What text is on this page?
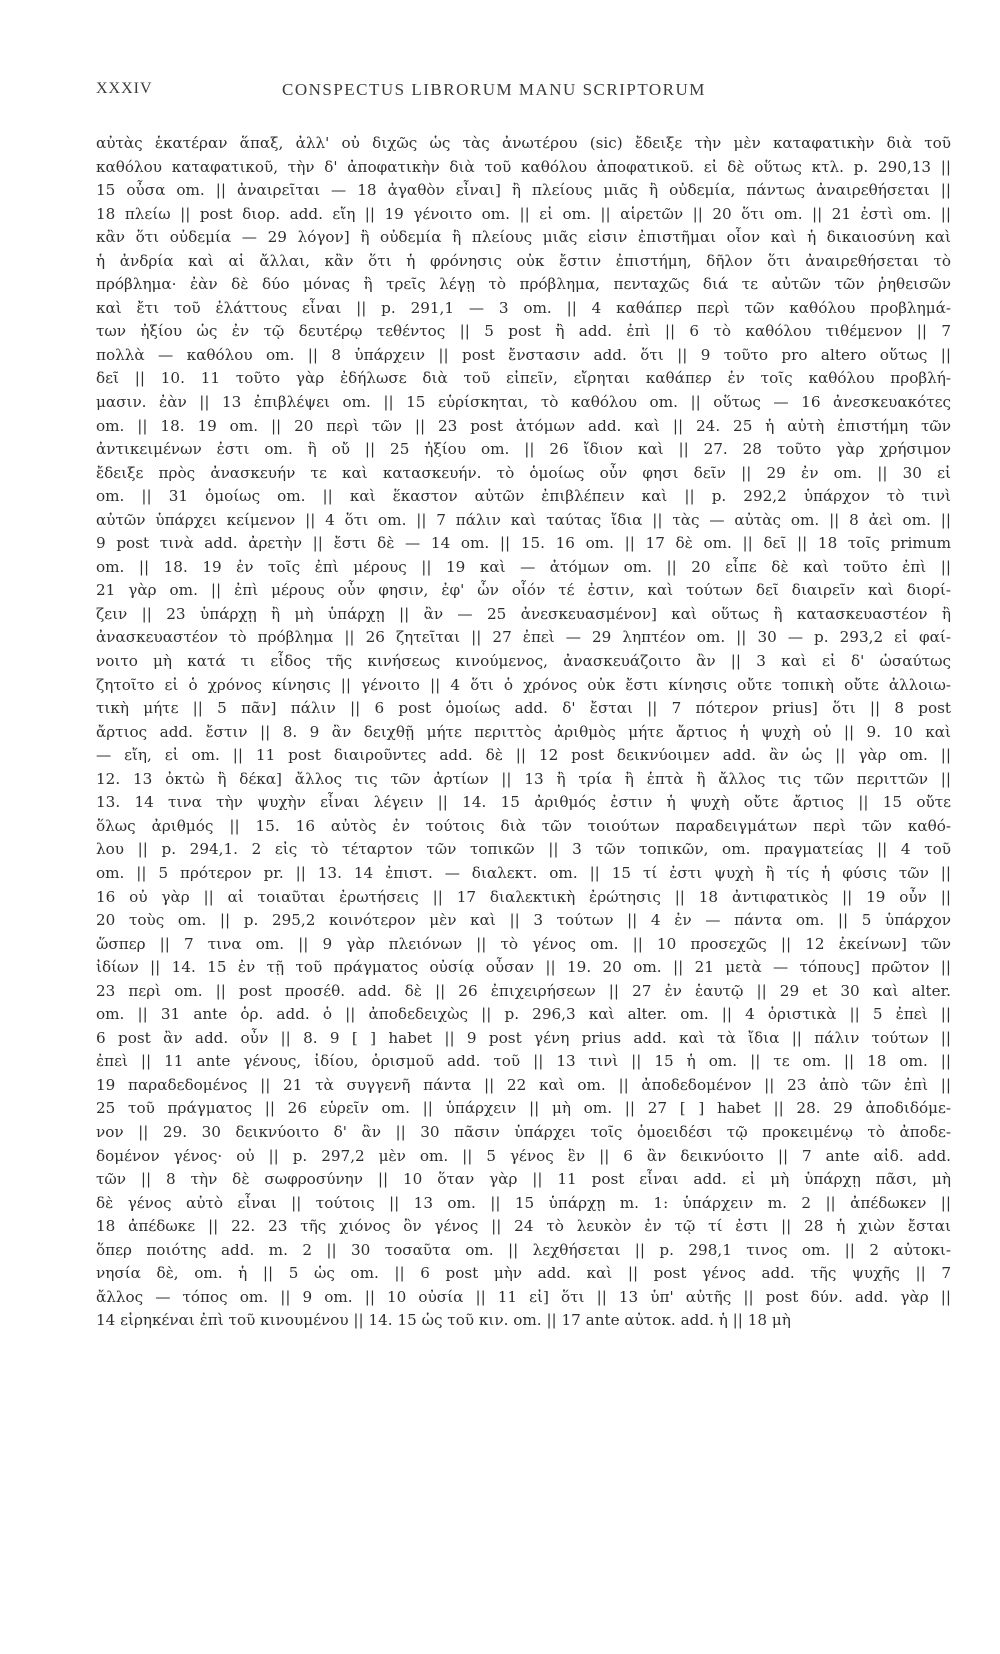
XXXIV	CONSPECTUS LIBRORUM MANU SCRIPTORUM
αὐτὰς ἑκατέραν ἅπαξ, ἀλλ' οὐ διχῶς ὡς τὰς ἀνωτέρου (sic) ἔδειξε τὴν μὲν καταφατικὴν διὰ τοῦ
καθόλου καταφατικοῦ, τὴν δ' ἀποφατικὴν διὰ τοῦ καθόλου ἀποφατικοῦ. εἰ δὲ οὕτως κτλ. p. 290,13 ||
15 οὖσα om. || ἀναιρεῖται — 18 ἀγαθὸν εἶναι] ἢ πλείους μιᾶς ἢ οὐδεμία, πάντως ἀναιρεθήσεται ||
18 πλείω || post διορ. add. εἴη || 19 γένοιτο om. || εἰ om. || αἱρετῶν || 20 ὅτι om. || 21 ἐστὶ om. ||
κἂν ὅτι οὐδεμία — 29 λόγον] ἢ οὐδεμία ἢ πλείους μιᾶς εἰσιν ἐπιστῆμαι οἷον καὶ ἡ δικαιοσύνη καὶ
ἡ ἀνδρία καὶ αἱ ἄλλαι, κἂν ὅτι ἡ φρόνησις οὐκ ἔστιν ἐπιστήμη, δῆλον ὅτι ἀναιρεθήσεται τὸ
πρόβλημα· ἐὰν δὲ δύο μόνας ἢ τρεῖς λέγῃ τὸ πρόβλημα, πενταχῶς διά τε αὐτῶν τῶν ῥηθεισῶν
καὶ ἔτι τοῦ ἐλάττους εἶναι || p. 291,1 — 3 om. || 4 καθάπερ περὶ τῶν καθόλου προβλημά-
των ἠξίου ὡς ἐν τῷ δευτέρῳ τεθέντος || 5 post ἢ add. ἐπὶ || 6 τὸ καθόλου τιθέμενον || 7
πολλὰ — καθόλου om. || 8 ὑπάρχειν || post ἔνστασιν add. ὅτι || 9 τοῦτο pro altero οὕτως ||
δεῖ || 10. 11 τοῦτο γὰρ ἐδήλωσε διὰ τοῦ εἰπεῖν, εἴρηται καθάπερ ἐν τοῖς καθόλου προβλή-
μασιν. ἐὰν || 13 ἐπιβλέψει om. || 15 εὑρίσκηται, τὸ καθόλου om. || οὕτως — 16 ἀνεσκευακότες
om. || 18. 19 om. || 20 περὶ τῶν || 23 post ἀτόμων add. καὶ || 24. 25 ἡ αὐτὴ ἐπιστήμη τῶν
ἀντικειμένων ἐστι om. ἢ οὔ || 25 ἠξίου om. || 26 ἴδιον καὶ || 27. 28 τοῦτο γὰρ χρήσιμον
ἔδειξε πρὸς ἀνασκευήν τε καὶ κατασκευήν. τὸ ὁμοίως οὖν φησι δεῖν || 29 ἐν om. || 30 εἰ
om. || 31 ὁμοίως om. || καὶ ἕκαστον αὐτῶν ἐπιβλέπειν καὶ || p. 292,2 ὑπάρχον τὸ τινὶ
αὐτῶν ὑπάρχει κείμενον || 4 ὅτι om. || 7 πάλιν καὶ ταύτας ἴδια || τὰς — αὐτὰς om. || 8 ἀεὶ om. ||
9 post τινὰ add. ἀρετὴν || ἔστι δὲ — 14 om. || 15. 16 om. || 17 δὲ om. || δεῖ || 18 τοῖς primum
om. || 18. 19 ἐν τοῖς ἐπὶ μέρους || 19 καὶ — ἀτόμων om. || 20 εἶπε δὲ καὶ τοῦτο ἐπὶ ||
21 γὰρ om. || ἐπὶ μέρους οὖν φησιν, ἐφ' ὧν οἷόν τέ ἐστιν, καὶ τούτων δεῖ διαιρεῖν καὶ διορί-
ζειν || 23 ὑπάρχῃ ἢ μὴ ὑπάρχῃ || ἂν — 25 ἀνεσκευασμένον] καὶ οὕτως ἢ κατασκευαστέον ἢ
ἀνασκευαστέον τὸ πρόβλημα || 26 ζητεῖται || 27 ἐπεὶ — 29 ληπτέον om. || 30 — p. 293,2 εἰ φαί-
νοιτο μὴ κατά τι εἶδος τῆς κινήσεως κινούμενος, ἀνασκευάζοιτο ἂν || 3 καὶ εἰ δ' ὡσαύτως
ζητοῖτο εἰ ὁ χρόνος κίνησις || γένοιτο || 4 ὅτι ὁ χρόνος οὐκ ἔστι κίνησις οὔτε τοπικὴ οὔτε ἀλλοιω-
τικὴ μήτε || 5 πᾶν] πάλιν || 6 post ὁμοίως add. δ' ἔσται || 7 πότερον prius] ὅτι || 8 post
ἄρτιος add. ἔστιν || 8. 9 ἂν δειχθῇ μήτε περιττὸς ἀριθμὸς μήτε ἄρτιος ἡ ψυχὴ οὐ || 9. 10 καὶ
— εἴη, εἰ om. || 11 post διαιροῦντες add. δὲ || 12 post δεικνύοιμεν add. ἂν ὡς || γὰρ om. ||
12. 13 ὀκτὼ ἢ δέκα] ἄλλος τις τῶν ἀρτίων || 13 ἢ τρία ἢ ἑπτὰ ἢ ἄλλος τις τῶν περιττῶν ||
13. 14 τινα τὴν ψυχὴν εἶναι λέγειν || 14. 15 ἀριθμός ἐστιν ἡ ψυχὴ οὔτε ἄρτιος || 15 οὔτε
ὅλως ἀριθμός || 15. 16 αὐτὸς ἐν τούτοις διὰ τῶν τοιούτων παραδειγμάτων περὶ τῶν καθό-
λου || p. 294,1. 2 εἰς τὸ τέταρτον τῶν τοπικῶν || 3 τῶν τοπικῶν, om. πραγματείας || 4 τοῦ
om. || 5 πρότερον pr. || 13. 14 ἐπιστ. — διαλεκτ. om. || 15 τί ἐστι ψυχὴ ἢ τίς ἡ φύσις τῶν ||
16 οὐ γὰρ || αἱ τοιαῦται ἐρωτήσεις || 17 διαλεκτικὴ ἐρώτησις || 18 ἀντιφατικὸς || 19 οὖν ||
20 τοὺς om. || p. 295,2 κοινότερον μὲν καὶ || 3 τούτων || 4 ἐν — πάντα om. || 5 ὑπάρχον
ὥσπερ || 7 τινα om. || 9 γὰρ πλειόνων || τὸ γένος om. || 10 προσεχῶς || 12 ἐκείνων] τῶν
ἰδίων || 14. 15 ἐν τῇ τοῦ πράγματος οὐσίᾳ οὖσαν || 19. 20 om. || 21 μετὰ — τόπους] πρῶτον ||
23 περὶ om. || post προσέθ. add. δὲ || 26 ἐπιχειρήσεων || 27 ἐν ἑαυτῷ || 29 et 30 καὶ alter.
om. || 31 ante ὁρ. add. ὁ || ἀποδεδειχὼς || p. 296,3 καὶ alter. om. || 4 ὁριστικὰ || 5 ἐπεὶ ||
6 post ἂν add. οὖν || 8. 9 [ ] habet || 9 post γένη prius add. καὶ τὰ ἴδια || πάλιν τούτων ||
ἐπεὶ || 11 ante γένους, ἰδίου, ὁρισμοῦ add. τοῦ || 13 τινὶ || 15 ἡ om. || τε om. || 18 om. ||
19 παραδεδομένος || 21 τὰ συγγενῆ πάντα || 22 καὶ om. || ἀποδεδομένον || 23 ἀπὸ τῶν ἐπὶ ||
25 τοῦ πράγματος || 26 εὑρεῖν om. || ὑπάρχειν || μὴ om. || 27 [ ] habet || 28. 29 ἀποδιδόμε-
νον || 29. 30 δεικνύοιτο δ' ἂν || 30 πᾶσιν ὑπάρχει τοῖς ὁμοειδέσι τῷ προκειμένῳ τὸ ἀποδε-
δομένον γένος· οὐ || p. 297,2 μὲν om. || 5 γένος ἓν || 6 ἂν δεικνύοιτο || 7 ante αἰδ. add.
τῶν || 8 τὴν δὲ σωφροσύνην || 10 ὅταν γὰρ || 11 post εἶναι add. εἰ μὴ ὑπάρχῃ πᾶσι, μὴ
δὲ γένος αὐτὸ εἶναι || τούτοις || 13 om. || 15 ὑπάρχῃ m. 1: ὑπάρχειν m. 2 || ἀπέδωκεν ||
18 ἀπέδωκε || 22. 23 τῆς χιόνος ὂν γένος || 24 τὸ λευκὸν ἐν τῷ τί ἐστι || 28 ἡ χιὼν ἔσται
ὅπερ ποιότης add. m. 2 || 30 τοσαῦτα om. || λεχθήσεται || p. 298,1 τινος om. || 2 αὐτοκι-
νησία δὲ, om. ἡ || 5 ὡς om. || 6 post μὴν add. καὶ || post γένος add. τῆς ψυχῆς || 7
ἄλλος — τόπος om. || 9 om. || 10 οὐσία || 11 εἰ] ὅτι || 13 ὑπ' αὐτῆς || post δύν. add. γὰρ ||
14 εἰρηκέναι ἐπὶ τοῦ κινουμένου || 14. 15 ὡς τοῦ κιν. om. || 17 ante αὐτοκ. add. ἡ || 18 μὴ
